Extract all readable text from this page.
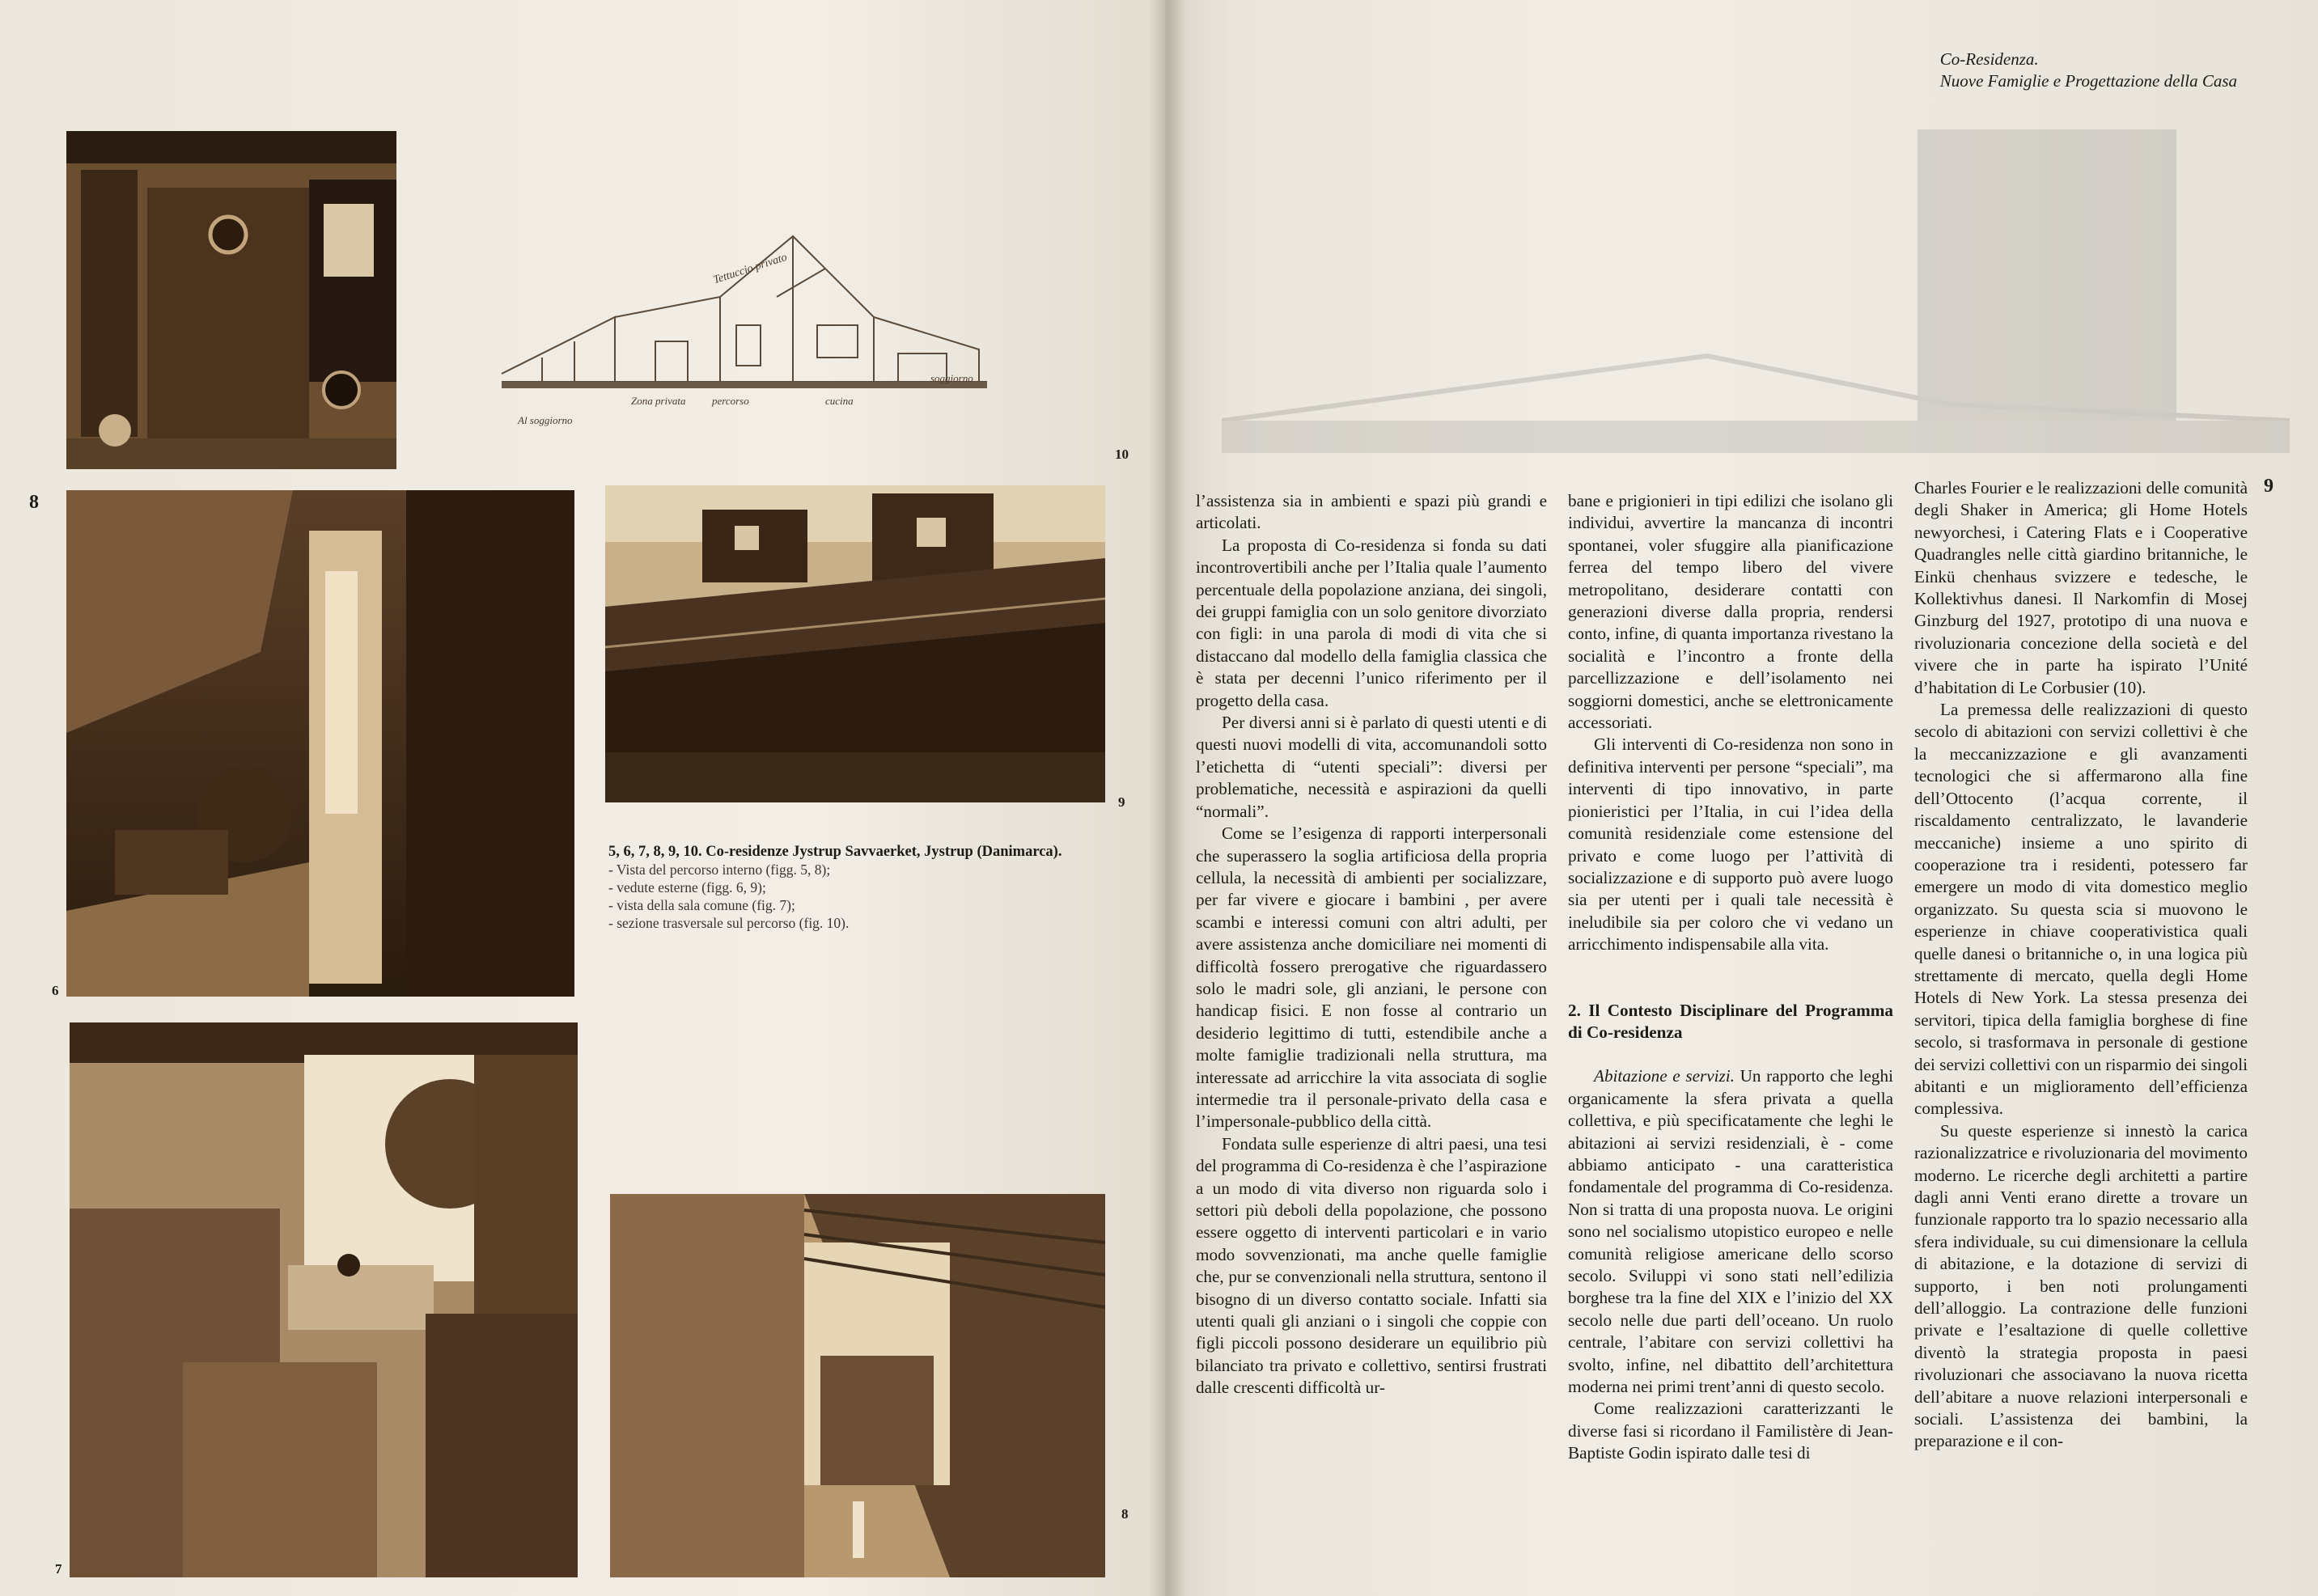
Tettuccio privato
Al soggiorno
Zona privata percorso	cucina
soggiorno
10
8
6
9
5, 6, 7, 8, 9, 10. Co-residenze Jystrup Savvaerket, Jystrup (Danimarca).
- Vista del percorso interno (figg. 5, 8);
- vedute esterne (figg. 6, 9);
- vista della sala comune (fig. 7);
- sezione trasversale sul percorso (fig. 10).
7
8
Co-Residenza.
Nuove Famiglie e Progettazione della Casa
9

l’assistenza sia in ambienti e spazi più grandi e articolati.

La proposta di Co-residenza si fonda su dati incontrovertibili anche per l’Italia quale l’aumento percentuale della popolazione anziana, dei singoli, dei gruppi famiglia con un solo genitore divorziato con figli: in una parola di modi di vita che si distaccano dal modello della famiglia classica che è stata per decenni l’unico riferimento per il progetto della casa.

Per diversi anni si è parlato di questi utenti e di questi nuovi modelli di vita, accomunandoli sotto l’etichetta di “utenti speciali”: diversi per problematiche, necessità e aspirazioni da quelli “normali”.

Come se l’esigenza di rapporti interpersonali che superassero la soglia artificiosa della propria cellula, la necessità di ambienti per socializzare, per far vivere e giocare i bambini , per avere scambi e interessi comuni con altri adulti, per avere assistenza anche domiciliare nei momenti di difficoltà fossero prerogative che riguardassero solo le madri sole, gli anziani, le persone con handicap fisici. E non fosse al contrario un desiderio legittimo di tutti, estendibile anche a molte famiglie tradizionali nella struttura, ma interessate ad arricchire la vita associata di soglie intermedie tra il personale-privato della casa e l’impersonale-pubblico della città.

Fondata sulle esperienze di altri paesi, una tesi del programma di Co-residenza è che l’aspirazione a un modo di vita diverso non riguarda solo i settori più deboli della popolazione, che possono essere oggetto di interventi particolari e in vario modo sovvenzionati, ma anche quelle famiglie che, pur se convenzionali nella struttura, sentono il bisogno di un diverso contatto sociale. Infatti sia utenti quali gli anziani o i singoli che coppie con figli piccoli possono desiderare un equilibrio più bilanciato tra privato e collettivo, sentirsi frustrati dalle crescenti difficoltà ur-

bane e prigionieri in tipi edilizi che isolano gli individui, avvertire la mancanza di incontri spontanei, voler sfuggire alla pianificazione ferrea del tempo libero del vivere metropolitano, desiderare contatti con generazioni diverse dalla propria, rendersi conto, infine, di quanta importanza rivestano la socialità e l’incontro a fronte della parcellizzazione e dell’isolamento nei soggiorni domestici, anche se elettronicamente accessoriati.

Gli interventi di Co-residenza non sono in definitiva interventi per persone “speciali”, ma interventi di tipo innovativo, in parte pionieristici per l’Italia, in cui l’idea della comunità residenziale come estensione del privato e come luogo per l’attività di socializzazione e di supporto può avere luogo sia per utenti per i quali tale necessità è ineludibile sia per coloro che vi vedano un arricchimento indispensabile alla vita.

2. Il Contesto Disciplinare del Programma di Co-residenza

Abitazione e servizi. Un rapporto che leghi organicamente la sfera privata a quella collettiva, e più specificatamente che leghi le abitazioni ai servizi residenziali, è - come abbiamo anticipato - una caratteristica fondamentale del programma di Co-residenza. Non si tratta di una proposta nuova. Le origini sono nel socialismo utopistico europeo e nelle comunità religiose americane dello scorso secolo. Sviluppi vi sono stati nell’edilizia borghese tra la fine del XIX e l’inizio del XX secolo nelle due parti dell’oceano. Un ruolo centrale, l’abitare con servizi collettivi ha svolto, infine, nel dibattito dell’architettura moderna nei primi trent’anni di questo secolo.

Come realizzazioni caratterizzanti le diverse fasi si ricordano il Familistère di Jean-Baptiste Godin ispirato dalle tesi di

Charles Fourier e le realizzazioni delle comunità degli Shaker in America; gli Home Hotels newyorchesi, i Catering Flats e i Cooperative Quadrangles nelle città giardino britanniche, le Einkü chenhaus svizzere e tedesche, le Kollektivhus danesi. Il Narkomfin di Mosej Ginzburg del 1927, prototipo di una nuova e rivoluzionaria concezione della società e del vivere che in parte ha ispirato l’Unité d’habitation di Le Corbusier (10).

La premessa delle realizzazioni di questo secolo di abitazioni con servizi collettivi è che la meccanizzazione e gli avanzamenti tecnologici che si affermarono alla fine dell’Ottocento (l’acqua corrente, il riscaldamento centralizzato, le lavanderie meccaniche) insieme a uno spirito di cooperazione tra i residenti, potessero far emergere un modo di vita domestico meglio organizzato. Su questa scia si muovono le esperienze in chiave cooperativistica quali quelle danesi o britanniche o, in una logica più strettamente di mercato, quella degli Home Hotels di New York. La stessa presenza dei servitori, tipica della famiglia borghese di fine secolo, si trasformava in personale di gestione dei servizi collettivi con un risparmio dei singoli abitanti e un miglioramento dell’efficienza complessiva.

Su queste esperienze si innestò la carica razionalizzatrice e rivoluzionaria del movimento moderno. Le ricerche degli architetti a partire dagli anni Venti erano dirette a trovare un funzionale rapporto tra lo spazio necessario alla sfera individuale, su cui dimensionare la cellula di abitazione, e la dotazione di servizi di supporto, i ben noti prolungamenti dell’alloggio. La contrazione delle funzioni private e l’esaltazione di quelle collettive diventò la strategia proposta in paesi rivoluzionari che associavano la nuova ricetta dell’abitare a nuove relazioni interpersonali e sociali. L’assistenza dei bambini, la preparazione e il con-
